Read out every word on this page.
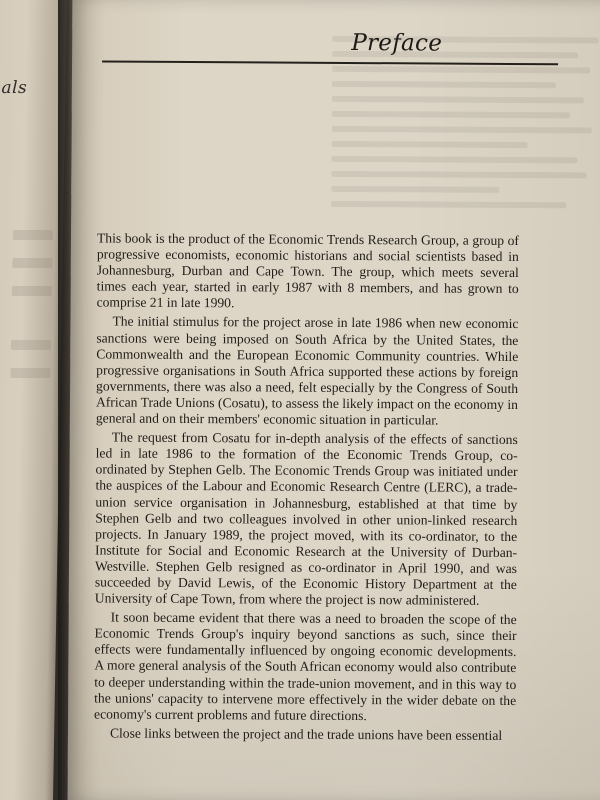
als
Preface

This book is the product of the Economic Trends Research Group, a group of progressive economists, economic historians and social scientists based in Johannesburg, Durban and Cape Town. The group, which meets several times each year, started in early 1987 with 8 members, and has grown to comprise 21 in late 1990.

The initial stimulus for the project arose in late 1986 when new economic sanctions were being imposed on South Africa by the United States, the Commonwealth and the European Economic Community countries. While progressive organisations in South Africa supported these actions by foreign governments, there was also a need, felt especially by the Congress of South African Trade Unions (Cosatu), to assess the likely impact on the economy in general and on their members' economic situation in particular.

The request from Cosatu for in-depth analysis of the effects of sanctions led in late 1986 to the formation of the Economic Trends Group, co-ordinated by Stephen Gelb. The Economic Trends Group was initiated under the auspices of the Labour and Economic Research Centre (LERC), a trade-union service organisation in Johannesburg, established at that time by Stephen Gelb and two colleagues involved in other union-linked research projects. In January 1989, the project moved, with its co-ordinator, to the Institute for Social and Economic Research at the University of Durban-Westville. Stephen Gelb resigned as co-ordinator in April 1990, and was succeeded by David Lewis, of the Economic History Department at the University of Cape Town, from where the project is now administered.

It soon became evident that there was a need to broaden the scope of the Economic Trends Group's inquiry beyond sanctions as such, since their effects were fundamentally influenced by ongoing economic developments. A more general analysis of the South African economy would also contribute to deeper understanding within the trade-union movement, and in this way to the unions' capacity to intervene more effectively in the wider debate on the economy's current problems and future directions.

Close links between the project and the trade unions have been essential
